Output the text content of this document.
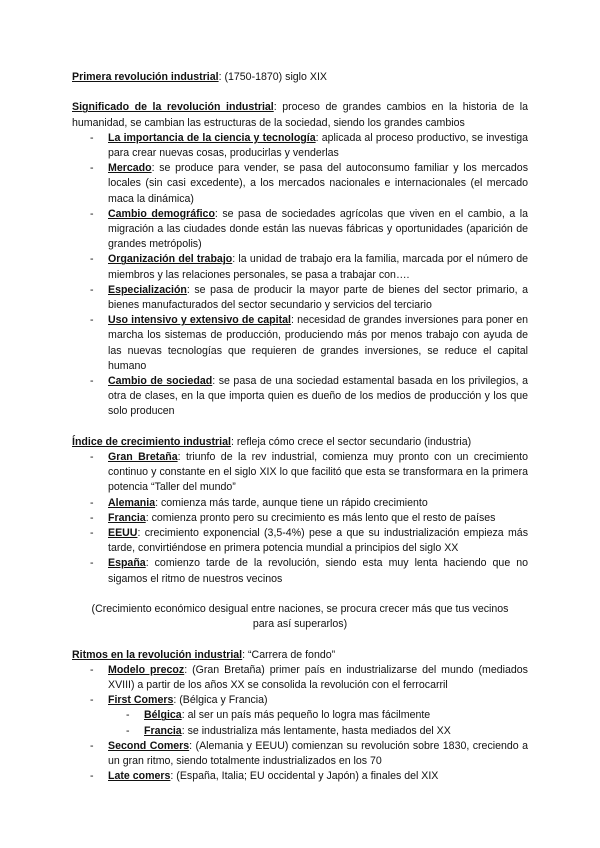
Primera revolución industrial: (1750-1870) siglo XIX

Significado de la revolución industrial: proceso de grandes cambios en la historia de la humanidad, se cambian las estructuras de la sociedad, siendo los grandes cambios

- La importancia de la ciencia y tecnología: aplicada al proceso productivo, se investiga para crear nuevas cosas, producirlas y venderlas
- Mercado: se produce para vender, se pasa del autoconsumo familiar y los mercados locales (sin casi excedente), a los mercados nacionales e internacionales (el mercado maca la dinámica)
- Cambio demográfico: se pasa de sociedades agrícolas que viven en el cambio, a la migración a las ciudades donde están las nuevas fábricas y oportunidades (aparición de grandes metrópolis)
- Organización del trabajo: la unidad de trabajo era la familia, marcada por el número de miembros y las relaciones personales, se pasa a trabajar con….
- Especialización: se pasa de producir la mayor parte de bienes del sector primario, a bienes manufacturados del sector secundario y servicios del terciario
- Uso intensivo y extensivo de capital: necesidad de grandes inversiones para poner en marcha los sistemas de producción, produciendo más por menos trabajo con ayuda de las nuevas tecnologías que requieren de grandes inversiones, se reduce el capital humano
- Cambio de sociedad: se pasa de una sociedad estamental basada en los privilegios, a otra de clases, en la que importa quien es dueño de los medios de producción y los que solo producen

Índice de crecimiento industrial: refleja cómo crece el sector secundario (industria)

- Gran Bretaña: triunfo de la rev industrial, comienza muy pronto con un crecimiento continuo y constante en el siglo XIX lo que facilitó que esta se transformara en la primera potencia “Taller del mundo”
- Alemania: comienza más tarde, aunque tiene un rápido crecimiento
- Francia: comienza pronto pero su crecimiento es más lento que el resto de países
- EEUU: crecimiento exponencial (3,5-4%) pese a que su industrialización empieza más tarde, convirtiéndose en primera potencia mundial a principios del siglo XX
- España: comienzo tarde de la revolución, siendo esta muy lenta haciendo que no sigamos el ritmo de nuestros vecinos

(Crecimiento económico desigual entre naciones, se procura crecer más que tus vecinos para así superarlos)

Ritmos en la revolución industrial: “Carrera de fondo”

- Modelo precoz: (Gran Bretaña) primer país en industrializarse del mundo (mediados XVIII) a partir de los años XX se consolida la revolución con el ferrocarril
- First Comers: (Bélgica y Francia)
- Bélgica: al ser un país más pequeño lo logra mas fácilmente
- Francia: se industrializa más lentamente, hasta mediados del XX
- Second Comers: (Alemania y EEUU) comienzan su revolución sobre 1830, creciendo a un gran ritmo, siendo totalmente industrializados en los 70
- Late comers: (España, Italia; EU occidental y Japón) a finales del XIX
